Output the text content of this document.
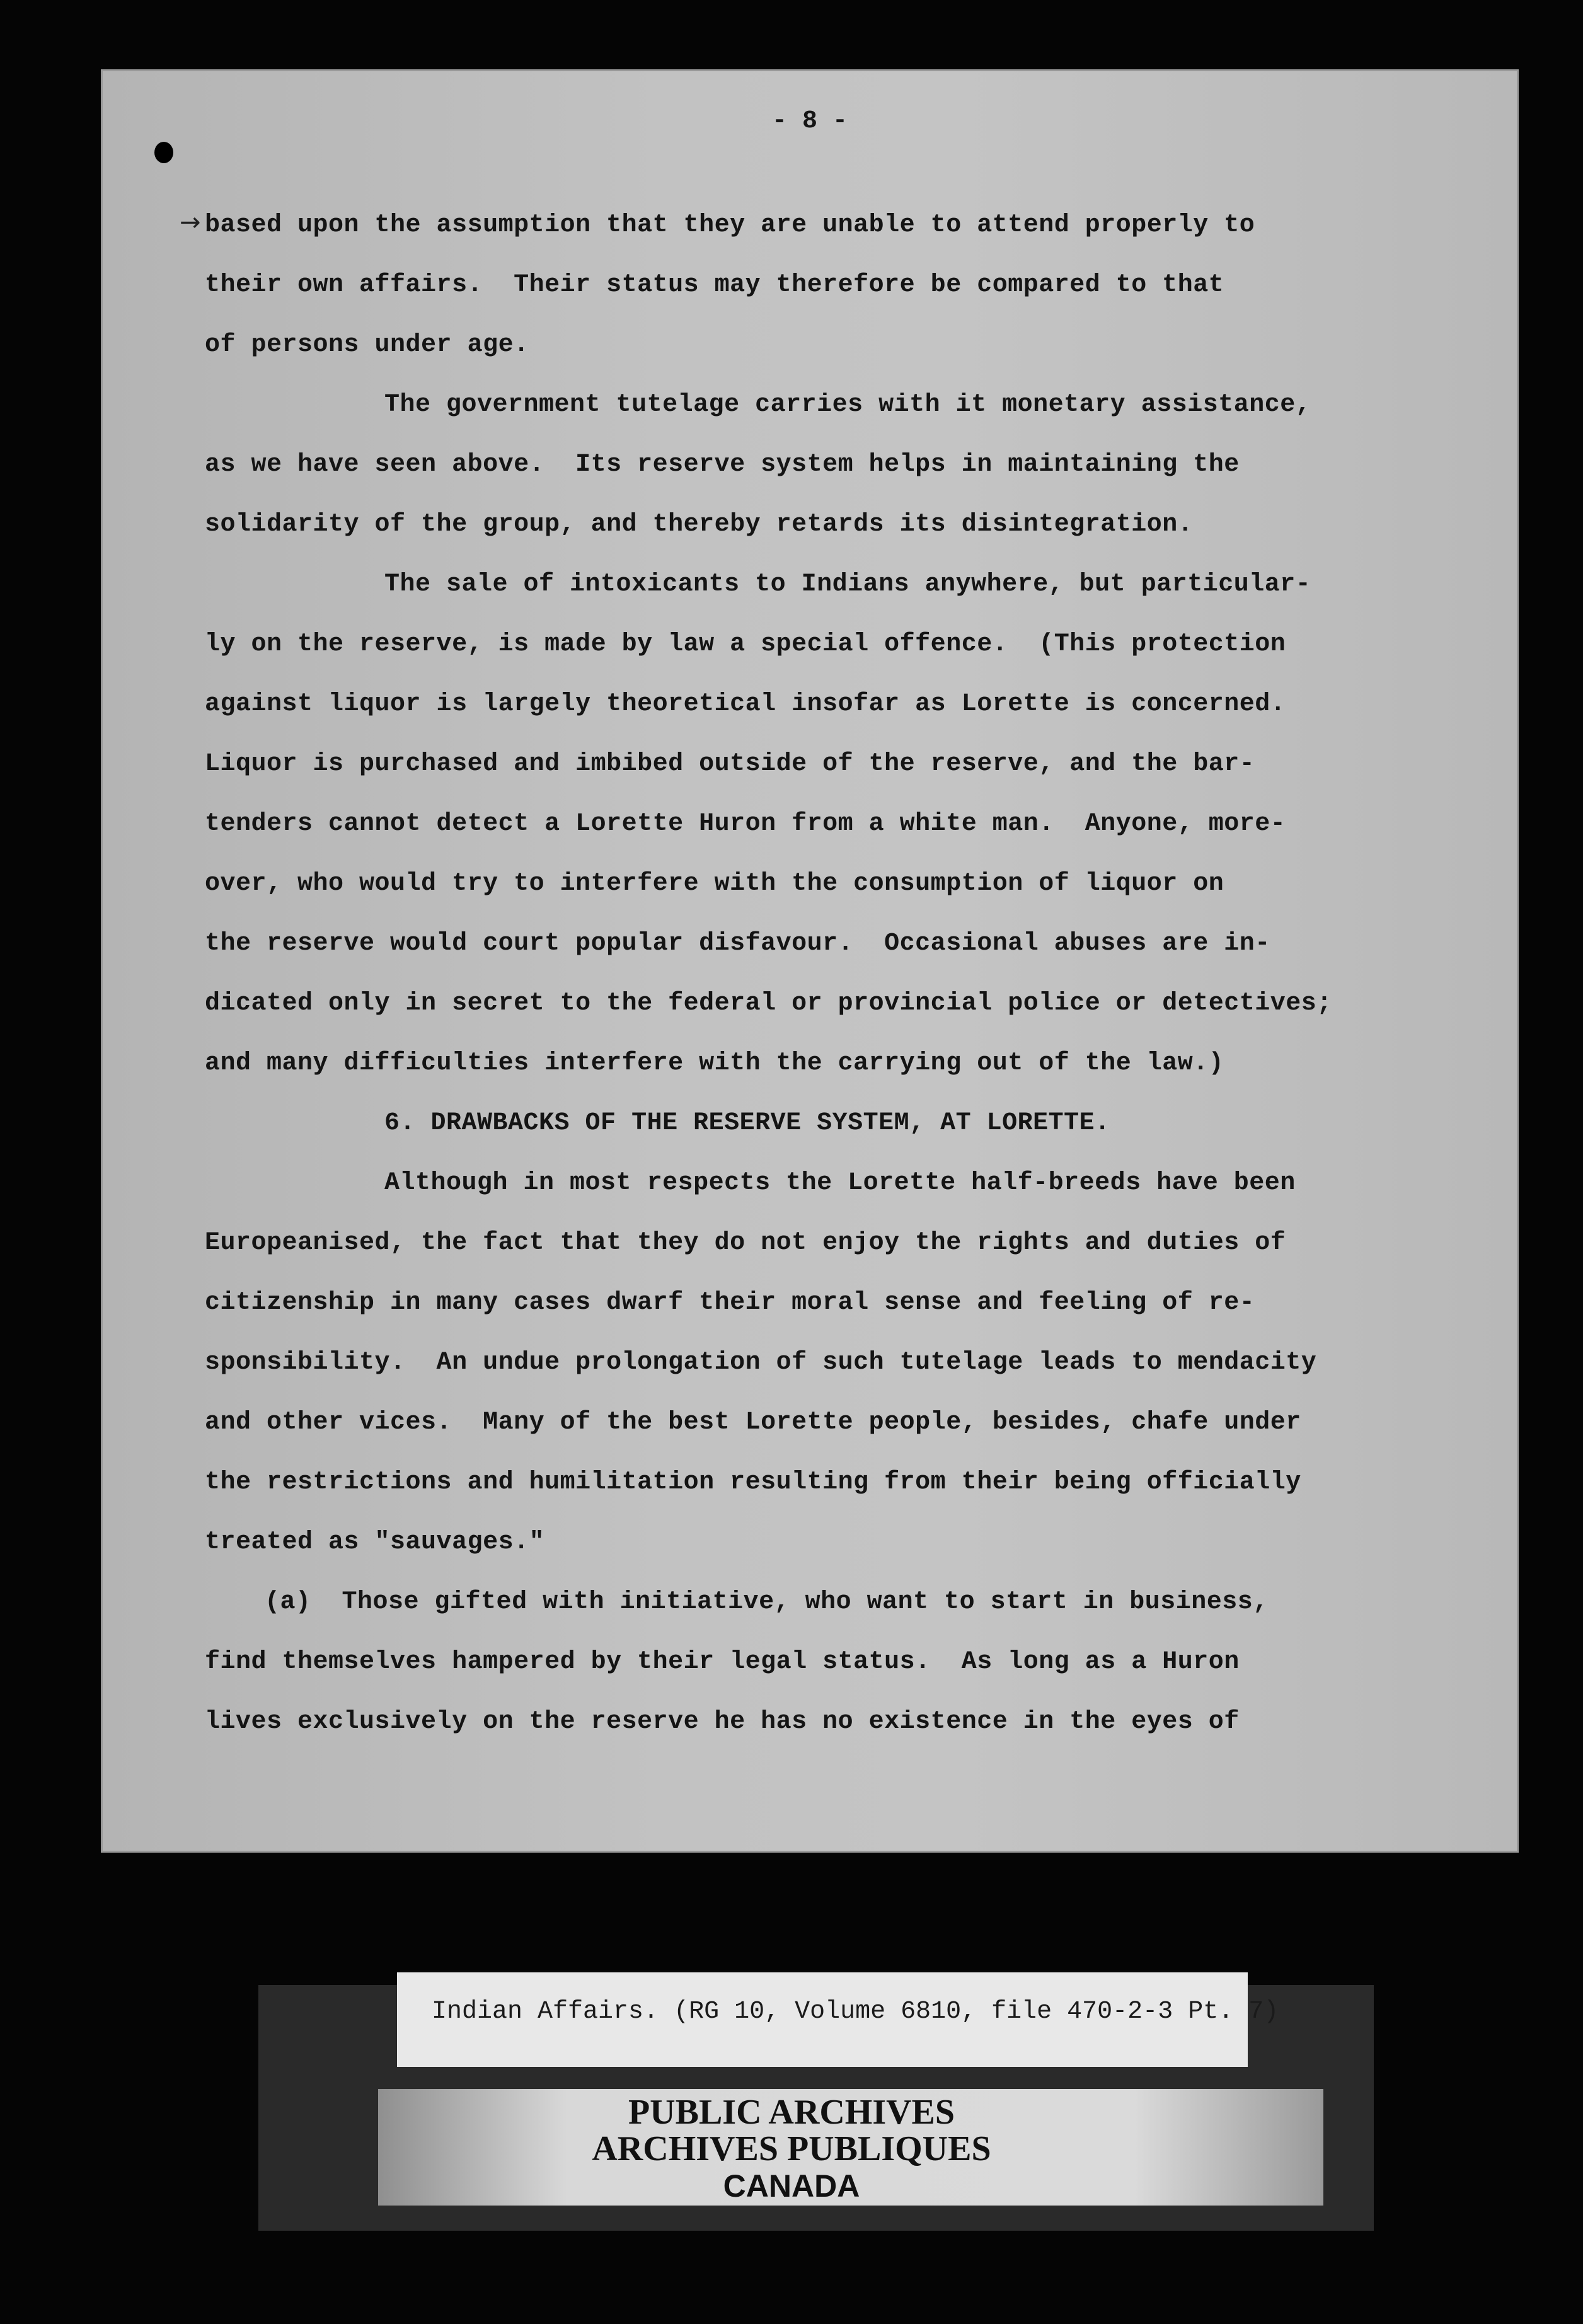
- 8 -
→ based upon the assumption that they are unable to attend properly to
their own affairs.  Their status may therefore be compared to that
of persons under age.
The government tutelage carries with it monetary assistance,
as we have seen above.  Its reserve system helps in maintaining the
solidarity of the group, and thereby retards its disintegration.
The sale of intoxicants to Indians anywhere, but particular-
ly on the reserve, is made by law a special offence.  (This protection
against liquor is largely theoretical insofar as Lorette is concerned.
Liquor is purchased and imbibed outside of the reserve, and the bar-
tenders cannot detect a Lorette Huron from a white man.  Anyone, more-
over, who would try to interfere with the consumption of liquor on
the reserve would court popular disfavour.  Occasional abuses are in-
dicated only in secret to the federal or provincial police or detectives;
and many difficulties interfere with the carrying out of the law.)
6. DRAWBACKS OF THE RESERVE SYSTEM, AT LORETTE.
Although in most respects the Lorette half-breeds have been
Europeanised, the fact that they do not enjoy the rights and duties of
citizenship in many cases dwarf their moral sense and feeling of re-
sponsibility.  An undue prolongation of such tutelage leads to mendacity
and other vices.  Many of the best Lorette people, besides, chafe under
the restrictions and humilitation resulting from their being officially
treated as "sauvages."
(a)  Those gifted with initiative, who want to start in business,
find themselves hampered by their legal status.  As long as a Huron
lives exclusively on the reserve he has no existence in the eyes of
Indian Affairs. (RG 10, Volume 6810, file 470-2-3 Pt. 7)
PUBLIC ARCHIVES
ARCHIVES PUBLIQUES
CANADA
